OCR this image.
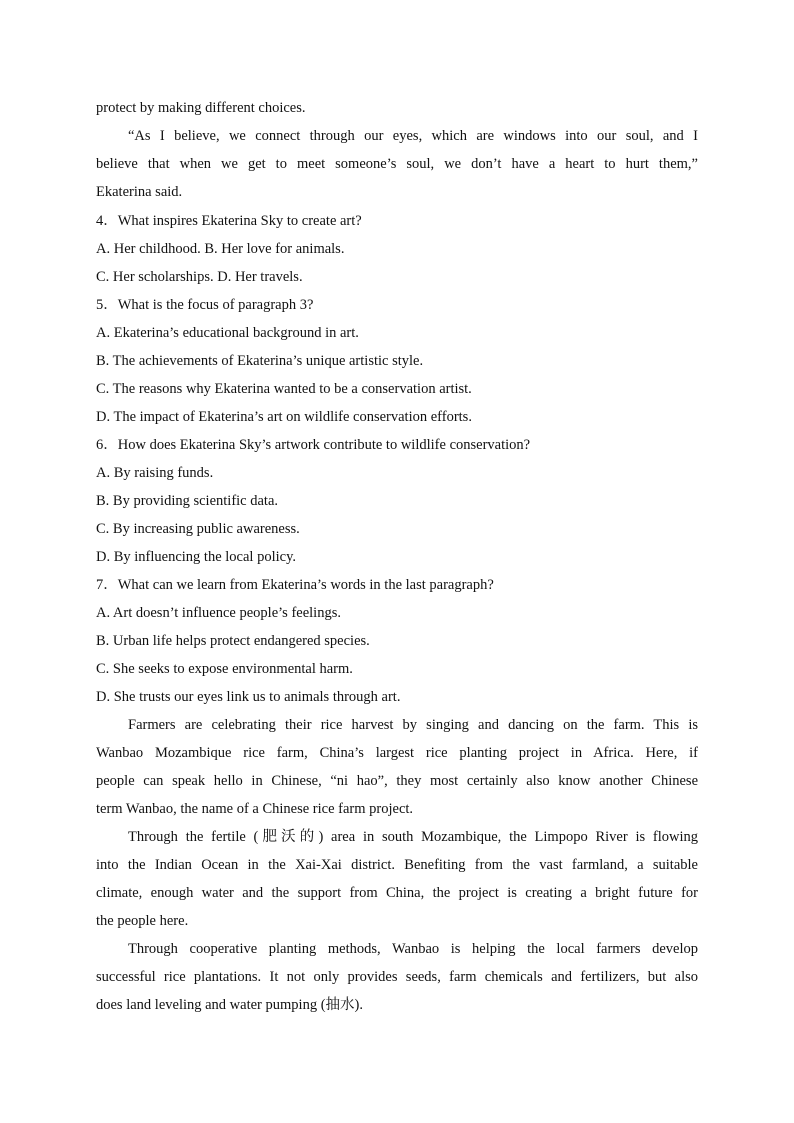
protect by making different choices.

“As I believe, we connect through our eyes, which are windows into our soul, and I

believe that when we get to meet someone’s soul, we don’t have a heart to hurt them,”

Ekaterina said.

4．What inspires Ekaterina Sky to create art?

A. Her childhood. B. Her love for animals.

C. Her scholarships. D. Her travels.

5．What is the focus of paragraph 3?

A. Ekaterina’s educational background in art.

B. The achievements of Ekaterina’s unique artistic style.

C. The reasons why Ekaterina wanted to be a conservation artist.

D. The impact of Ekaterina’s art on wildlife conservation efforts.

6．How does Ekaterina Sky’s artwork contribute to wildlife conservation?

A. By raising funds.

B. By providing scientific data.

C. By increasing public awareness.

D. By influencing the local policy.

7．What can we learn from Ekaterina’s words in the last paragraph?

A. Art doesn’t influence people’s feelings.

B. Urban life helps protect endangered species.

C. She seeks to expose environmental harm.

D. She trusts our eyes link us to animals through art.

Farmers are celebrating their rice harvest by singing and dancing on the farm. This is

Wanbao Mozambique rice farm, China’s largest rice planting project in Africa. Here, if

people can speak hello in Chinese, “ni hao”, they most certainly also know another Chinese

term Wanbao, the name of a Chinese rice farm project.

Through the fertile (肥沃的) area in south Mozambique, the Limpopo River is flowing

into the Indian Ocean in the Xai-Xai district. Benefiting from the vast farmland, a suitable

climate, enough water and the support from China, the project is creating a bright future for

the people here.

Through cooperative planting methods, Wanbao is helping the local farmers develop

successful rice plantations. It not only provides seeds, farm chemicals and fertilizers, but also

does land leveling and water pumping (抽水).
